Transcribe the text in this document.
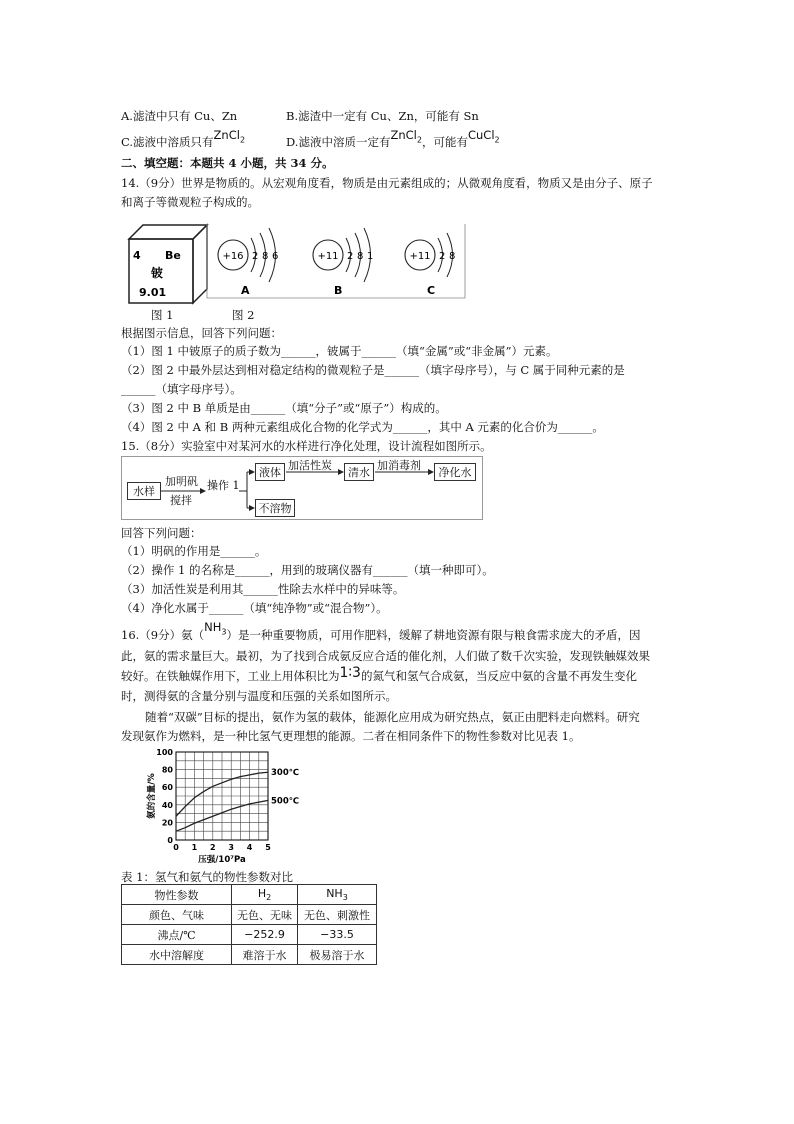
A.滤渣中只有 Cu、Zn	B.滤渣中一定有 Cu、Zn，可能有 Sn
C.滤液中溶质只有ZnCl$_2$	D.滤液中溶质一定有ZnCl$_2$，可能有CuCl$_2$
二、填空题：本题共 4 小题，共 34 分。
14.（9分）世界是物质的。从宏观角度看，物质是由元素组成的；从微观角度看，物质又是由分子、原子
和离子等微观粒子构成的。
4 Be
铍
9.01
+16 2 8 6
A
+11 2 8 1
B
+11 2 8
C
图 1	图 2
根据图示信息，回答下列问题：
（1）图 1 中铍原子的质子数为______，铍属于______（填“金属”或“非金属”）元素。
（2）图 2 中最外层达到相对稳定结构的微观粒子是______（填字母序号），与 C 属于同种元素的是
______（填字母序号）。
（3）图 2 中 B 单质是由______（填“分子”或“原子”）构成的。
（4）图 2 中 A 和 B 两种元素组成化合物的化学式为______，其中 A 元素的化合价为______。
15.（8分）实验室中对某河水的水样进行净化处理，设计流程如图所示。
水样
加明矾
搅拌
操作 1
液体
加活性炭
清水
加消毒剂
净化水
不溶物
回答下列问题：
（1）明矾的作用是______。
（2）操作 1 的名称是______，用到的玻璃仪器有______（填一种即可）。
（3）加活性炭是利用其______性除去水样中的异味等。
（4）净化水属于______（填“纯净物”或“混合物”）。
16.（9分）氨$(NH_3)$是一种重要物质，可用作肥料，缓解了耕地资源有限与粮食需求庞大的矛盾，因
此，氨的需求量巨大。最初，为了找到合成氨反应合适的催化剂，人们做了数千次实验，发现铁触媒效果
较好。在铁触媒作用下，工业上用体积比为1∶3的氮气和氢气合成氨，当反应中氨的含量不再发生变化
时，测得氨的含量分别与温度和压强的关系如图所示。
随着“双碳”目标的提出，氨作为氢的载体，能源化应用成为研究热点，氨正由肥料走向燃料。研究
发现氨作为燃料，是一种比氢气更理想的能源。二者在相同条件下的物性参数对比见表 1。
0
20
40
60
80
100
0 1 2 3 4 5
压强/10⁷Pa
氨的含量/%	300℃
500℃
表 1：氢气和氨气的物性参数对比
物性参数	$H_2$	$NH_3$
颜色、气味	无色、无味	无色、刺激性
沸点/℃	−252.9	−33.5
水中溶解度	难溶于水	极易溶于水
